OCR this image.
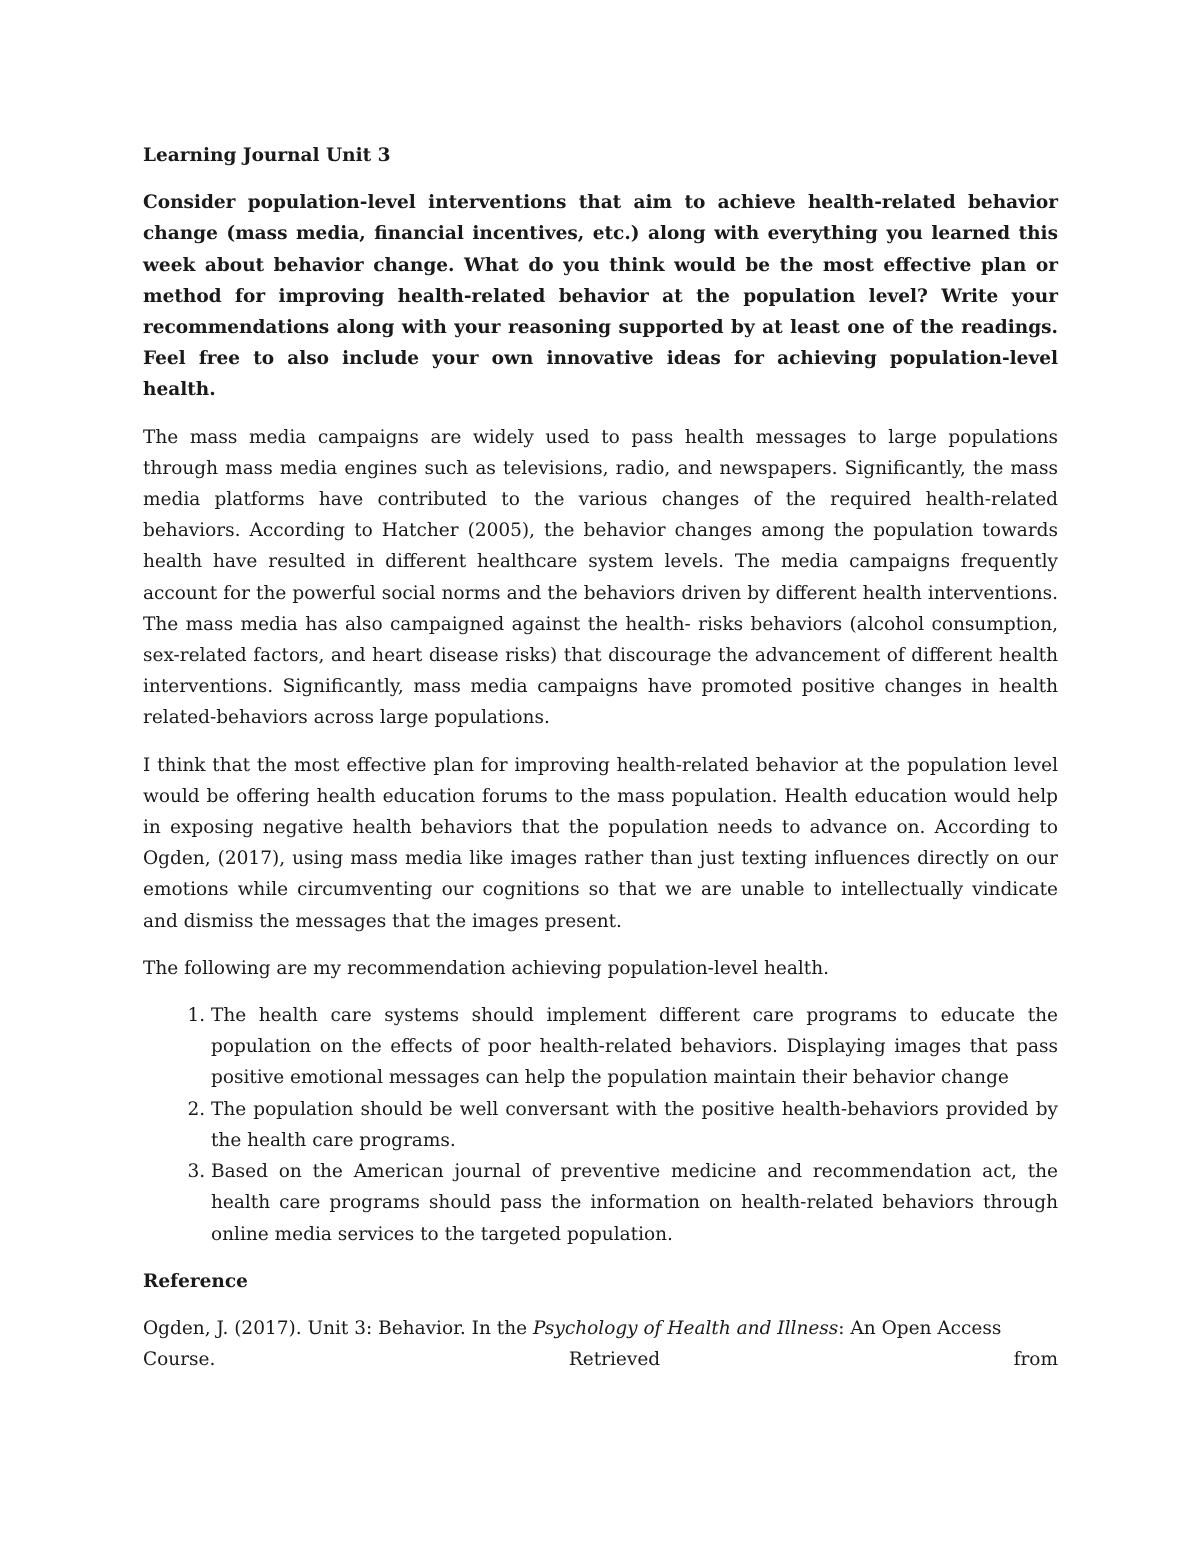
Learning Journal Unit 3

Consider population-level interventions that aim to achieve health-related behavior change (mass media, financial incentives, etc.) along with everything you learned this week about behavior change. What do you think would be the most effective plan or method for improving health-related behavior at the population level? Write your recommendations along with your reasoning supported by at least one of the readings. Feel free to also include your own innovative ideas for achieving population-level health.

The mass media campaigns are widely used to pass health messages to large populations through mass media engines such as televisions, radio, and newspapers. Significantly, the mass media platforms have contributed to the various changes of the required health-related behaviors. According to Hatcher (2005), the behavior changes among the population towards health have resulted in different healthcare system levels. The media campaigns frequently account for the powerful social norms and the behaviors driven by different health interventions. The mass media has also campaigned against the health- risks behaviors (alcohol consumption, sex-related factors, and heart disease risks) that discourage the advancement of different health interventions. Significantly, mass media campaigns have promoted positive changes in health related-behaviors across large populations.

I think that the most effective plan for improving health-related behavior at the population level would be offering health education forums to the mass population. Health education would help in exposing negative health behaviors that the population needs to advance on. According to Ogden, (2017), using mass media like images rather than just texting influences directly on our emotions while circumventing our cognitions so that we are unable to intellectually vindicate and dismiss the messages that the images present.

The following are my recommendation achieving population-level health.

1. The health care systems should implement different care programs to educate the population on the effects of poor health-related behaviors. Displaying images that pass positive emotional messages can help the population maintain their behavior change
2. The population should be well conversant with the positive health-behaviors provided by the health care programs.
3. Based on the American journal of preventive medicine and recommendation act, the health care programs should pass the information on health-related behaviors through online media services to the targeted population.

Reference

Ogden, J. (2017). Unit 3: Behavior. In the Psychology of Health and Illness: An Open Access

Course.	Retrieved	from
